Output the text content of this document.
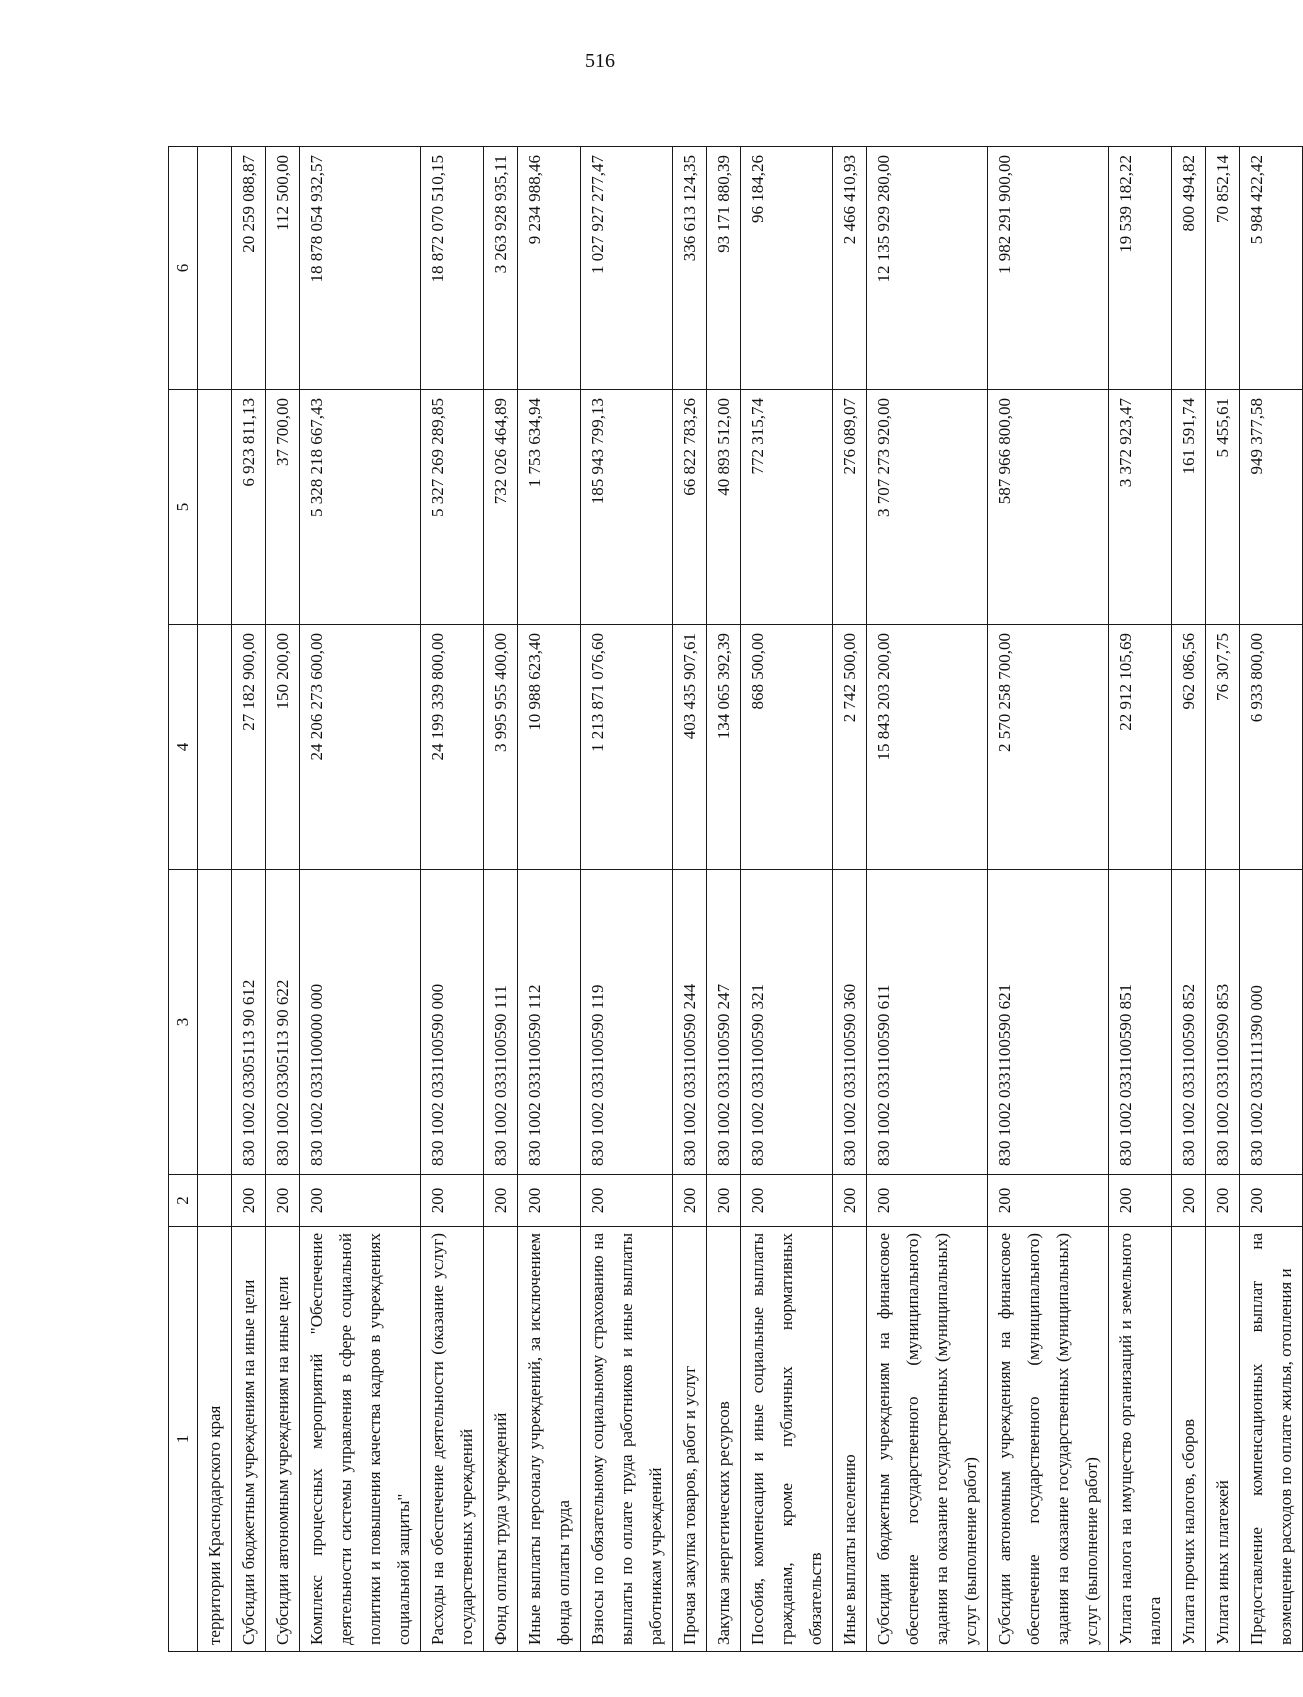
516
1	2	3	4	5	6
территории Краснодарского края					
Субсидии бюджетным учреждениям на иные цели	200	830 1002 03305113 90 612	27 182 900,00	6 923 811,13	20 259 088,87
Субсидии автономным учреждениям на иные цели	200	830 1002 03305113 90 622	150 200,00	37 700,00	112 500,00
Комплекс процессных мероприятий "Обеспечение деятельности системы управления в сфере социальной политики и повышения качества кадров в учреждениях социальной защиты"	200	830 1002 0331100000 000	24 206 273 600,00	5 328 218 667,43	18 878 054 932,57
Расходы на обеспечение деятельности (оказание услуг) государственных учреждений	200	830 1002 0331100590 000	24 199 339 800,00	5 327 269 289,85	18 872 070 510,15
Фонд оплаты труда учреждений	200	830 1002 0331100590 111	3 995 955 400,00	732 026 464,89	3 263 928 935,11
Иные выплаты персоналу учреждений, за исключением фонда оплаты труда	200	830 1002 0331100590 112	10 988 623,40	1 753 634,94	9 234 988,46
Взносы по обязательному социальному страхованию на выплаты по оплате труда работников и иные выплаты работникам учреждений	200	830 1002 0331100590 119	1 213 871 076,60	185 943 799,13	1 027 927 277,47
Прочая закупка товаров, работ и услуг	200	830 1002 0331100590 244	403 435 907,61	66 822 783,26	336 613 124,35
Закупка энергетических ресурсов	200	830 1002 0331100590 247	134 065 392,39	40 893 512,00	93 171 880,39
Пособия, компенсации и иные социальные выплаты гражданам, кроме публичных нормативных обязательств	200	830 1002 0331100590 321	868 500,00	772 315,74	96 184,26
Иные выплаты населению	200	830 1002 0331100590 360	2 742 500,00	276 089,07	2 466 410,93
Субсидии бюджетным учреждениям на финансовое обеспечение государственного (муниципального) задания на оказание государственных (муниципальных) услуг (выполнение работ)	200	830 1002 0331100590 611	15 843 203 200,00	3 707 273 920,00	12 135 929 280,00
Субсидии автономным учреждениям на финансовое обеспечение государственного (муниципального) задания на оказание государственных (муниципальных) услуг (выполнение работ)	200	830 1002 0331100590 621	2 570 258 700,00	587 966 800,00	1 982 291 900,00
Уплата налога на имущество организаций и земельного налога	200	830 1002 0331100590 851	22 912 105,69	3 372 923,47	19 539 182,22
Уплата прочих налогов, сборов	200	830 1002 0331100590 852	962 086,56	161 591,74	800 494,82
Уплата иных платежей	200	830 1002 0331100590 853	76 307,75	5 455,61	70 852,14
Предоставление компенсационных выплат на возмещение расходов по оплате жилья, отопления и	200	830 1002 0331111390 000	6 933 800,00	949 377,58	5 984 422,42
